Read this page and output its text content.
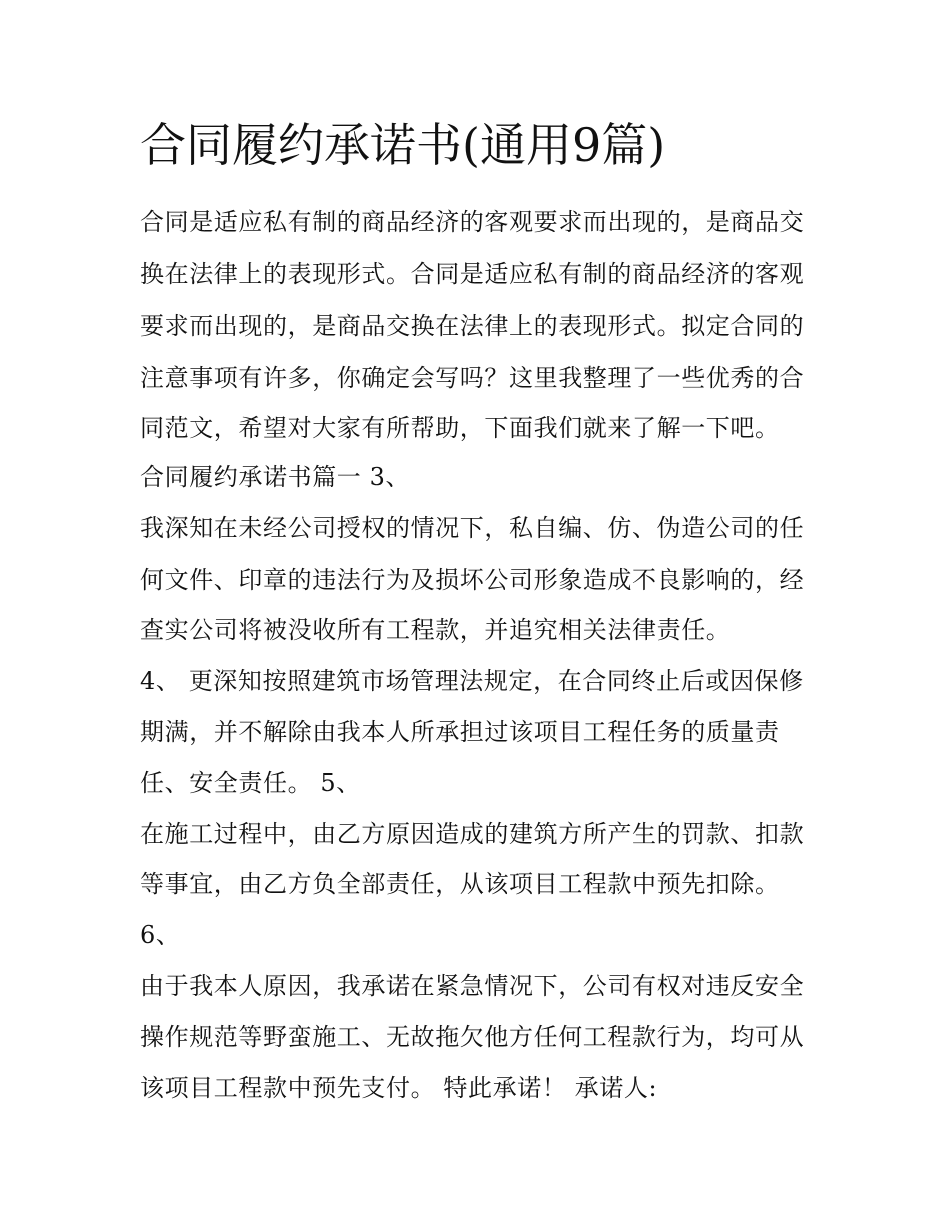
合同履约承诺书(通用9篇)

合同是适应私有制的商品经济的客观要求而出现的，是商品交

换在法律上的表现形式。合同是适应私有制的商品经济的客观

要求而出现的，是商品交换在法律上的表现形式。拟定合同的

注意事项有许多，你确定会写吗？这里我整理了一些优秀的合

同范文，希望对大家有所帮助，下面我们就来了解一下吧。

合同履约承诺书篇一 3、

我深知在未经公司授权的情况下，私自编、仿、伪造公司的任

何文件、印章的违法行为及损坏公司形象造成不良影响的，经

查实公司将被没收所有工程款，并追究相关法律责任。

4、 更深知按照建筑市场管理法规定，在合同终止后或因保修

期满，并不解除由我本人所承担过该项目工程任务的质量责

任、安全责任。 5、

在施工过程中，由乙方原因造成的建筑方所产生的罚款、扣款

等事宜，由乙方负全部责任，从该项目工程款中预先扣除。

6、

由于我本人原因，我承诺在紧急情况下，公司有权对违反安全

操作规范等野蛮施工、无故拖欠他方任何工程款行为，均可从

该项目工程款中预先支付。 特此承诺！ 承诺人:
